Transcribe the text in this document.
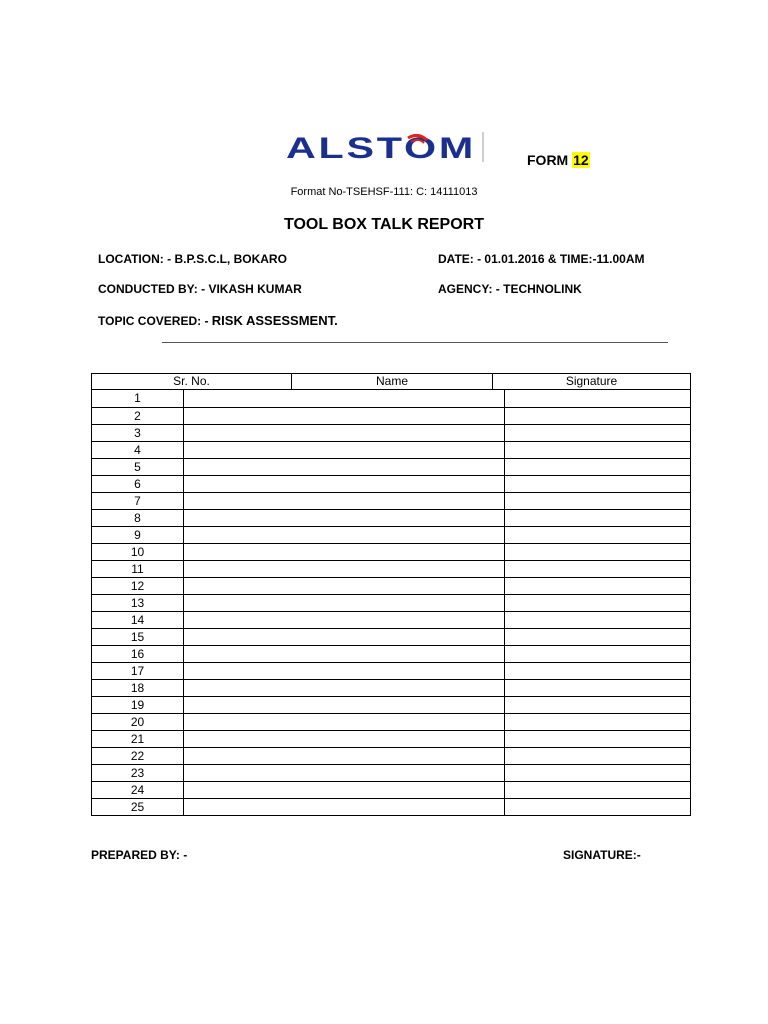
ALSTOM	FORM 12
Format No-TSEHSF-111: C: 14111013
TOOL BOX TALK REPORT
LOCATION: - B.P.S.C.L, BOKARO	DATE: - 01.01.2016 & TIME:-11.00AM
CONDUCTED BY: - VIKASH KUMAR	AGENCY: - TECHNOLINK
TOPIC COVERED: - RISK ASSESSMENT.
Sr. No.	Name	Signature
1
2
3
4
5
6
7
8
9
10
11
12
13
14
15
16
17
18
19
20
21
22
23
24
25
PREPARED BY: -	SIGNATURE:-
